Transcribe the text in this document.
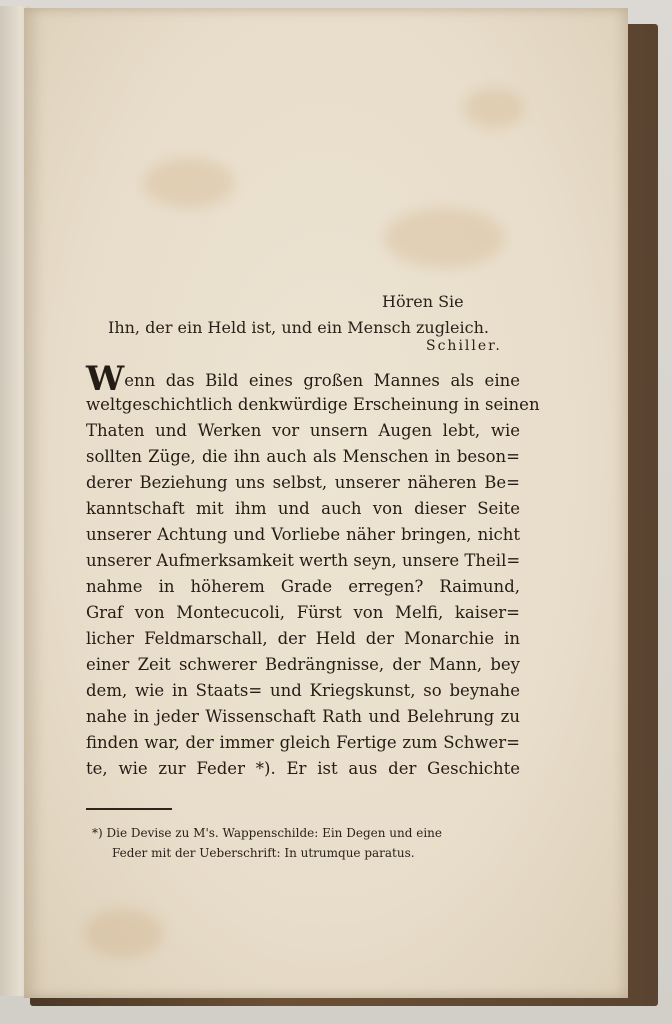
Hören Sie
Ihn, der ein Held ist, und ein Mensch zugleich.
Schiller.
Wenn das Bild eines großen Mannes als eine
weltgeschichtlich denkwürdige Erscheinung in seinen
Thaten und Werken vor unsern Augen lebt, wie
sollten Züge, die ihn auch als Menschen in beson=
derer Beziehung uns selbst, unserer näheren Be=
kanntschaft mit ihm und auch von dieser Seite
unserer Achtung und Vorliebe näher bringen, nicht
unserer Aufmerksamkeit werth seyn, unsere Theil=
nahme in höherem Grade erregen? Raimund,
Graf von Montecucoli, Fürst von Melfi, kaiser=
licher Feldmarschall, der Held der Monarchie in
einer Zeit schwerer Bedrängnisse, der Mann, bey
dem, wie in Staats= und Kriegskunst, so beynahe
nahe in jeder Wissenschaft Rath und Belehrung zu
finden war, der immer gleich Fertige zum Schwer=
te, wie zur Feder *). Er ist aus der Geschichte
*) Die Devise zu M's. Wappenschilde: Ein Degen und eine
Feder mit der Ueberschrift: In utrumque paratus.
